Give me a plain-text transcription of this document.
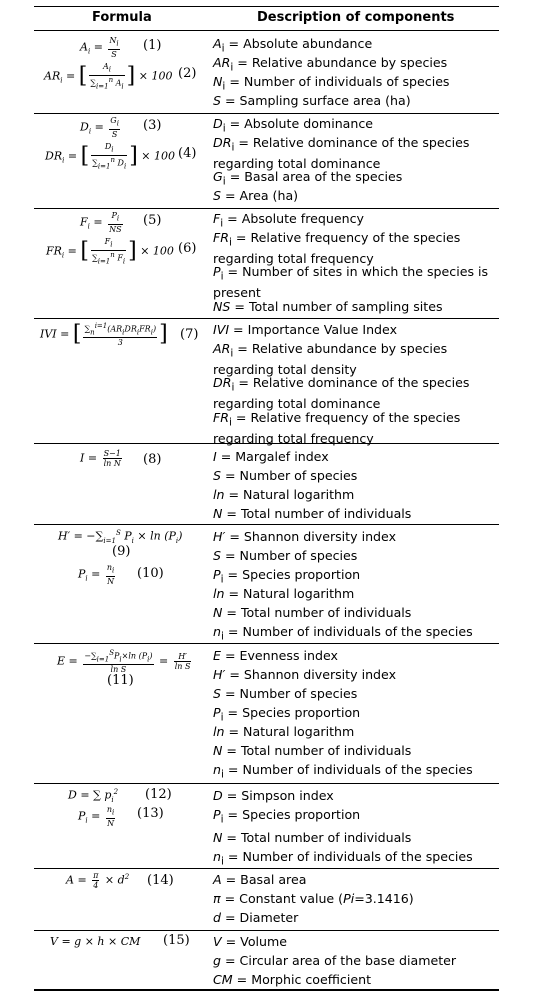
Formula	Description of components
$A_i = \frac{N_i}{S} (1)$
$AR_i$ = [ $\frac{A_i}{\sum_{i=1}^n A_i}$ ] × 100 (2)
$D_i = \frac{G_i}{S} (3)$
$DR_i$ = [ $\frac{D_i}{\sum_{i=1}^n D_i}$ ] × 100 (4)
$F_i = \frac{P_i}{NS} (5)$
$FR_i$ = [ $\frac{F_i}{\sum_{i=1}^n F_i}$ ] × 100 (6)
IVI = [ $\frac{\sum_n^{i=1}(AR_iDR_iFR_i)}{3}$ ] (7)
$I = \frac{S-1}{\text{ln N}} (8)$
$H' = -\sum_{i=1}^S$ $P_i \times \ln (P_i)$
(9)
$P_i = \frac{n_i}{N} (10)$
$E = \frac{-\sum_{i=1}^SP_i\times\ln (P_i)}{\text{ln S}} = \frac{H'}{\text{ln S}}$
(11)
D = ∑ $p_i^2$ (12)
$P_i = \frac{n_i}{N} (13)$
$A = \frac{\pi}{4} \times d^2$ (14)
V = g × h × CM (15)
$A_i$ = Absolute abundance
$AR_i$ = Relative abundance by species
$N_i$ = Number of individuals of species
S = Sampling surface area (ha)
$D_i$ = Absolute dominance
$DR_i$ = Relative dominance of the species regarding total dominance
$G_i$ = Basal area of the species
S = Area (ha)
$F_i$ = Absolute frequency
$FR_i$ = Relative frequency of the species regarding total frequency
$P_i$ = Number of sites in which the species is present
NS = Total number of sampling sites
IVI = Importance Value Index
$AR_i$ = Relative abundance by species regarding total density
$DR_i$ = Relative dominance of the species regarding total dominance
$FR_i$ = Relative frequency of the species regarding total frequency
I = Margalef index
S = Number of species
ln = Natural logarithm
N = Total number of individuals
H′ = Shannon diversity index
S = Number of species
$P_i$ = Species proportion
ln = Natural logarithm
N = Total number of individuals
$n_i$ = Number of individuals of the species
E = Evenness index
H′ = Shannon diversity index
S = Number of species
$P_i$ = Species proportion
ln = Natural logarithm
N = Total number of individuals
$n_i$ = Number of individuals of the species
D = Simpson index
$P_i$ = Species proportion
N = Total number of individuals
$n_i$ = Number of individuals of the species
A = Basal area
π = Constant value (Pi=3.1416)
d = Diameter
V = Volume
g = Circular area of the base diameter
CM = Morphic coefficient
